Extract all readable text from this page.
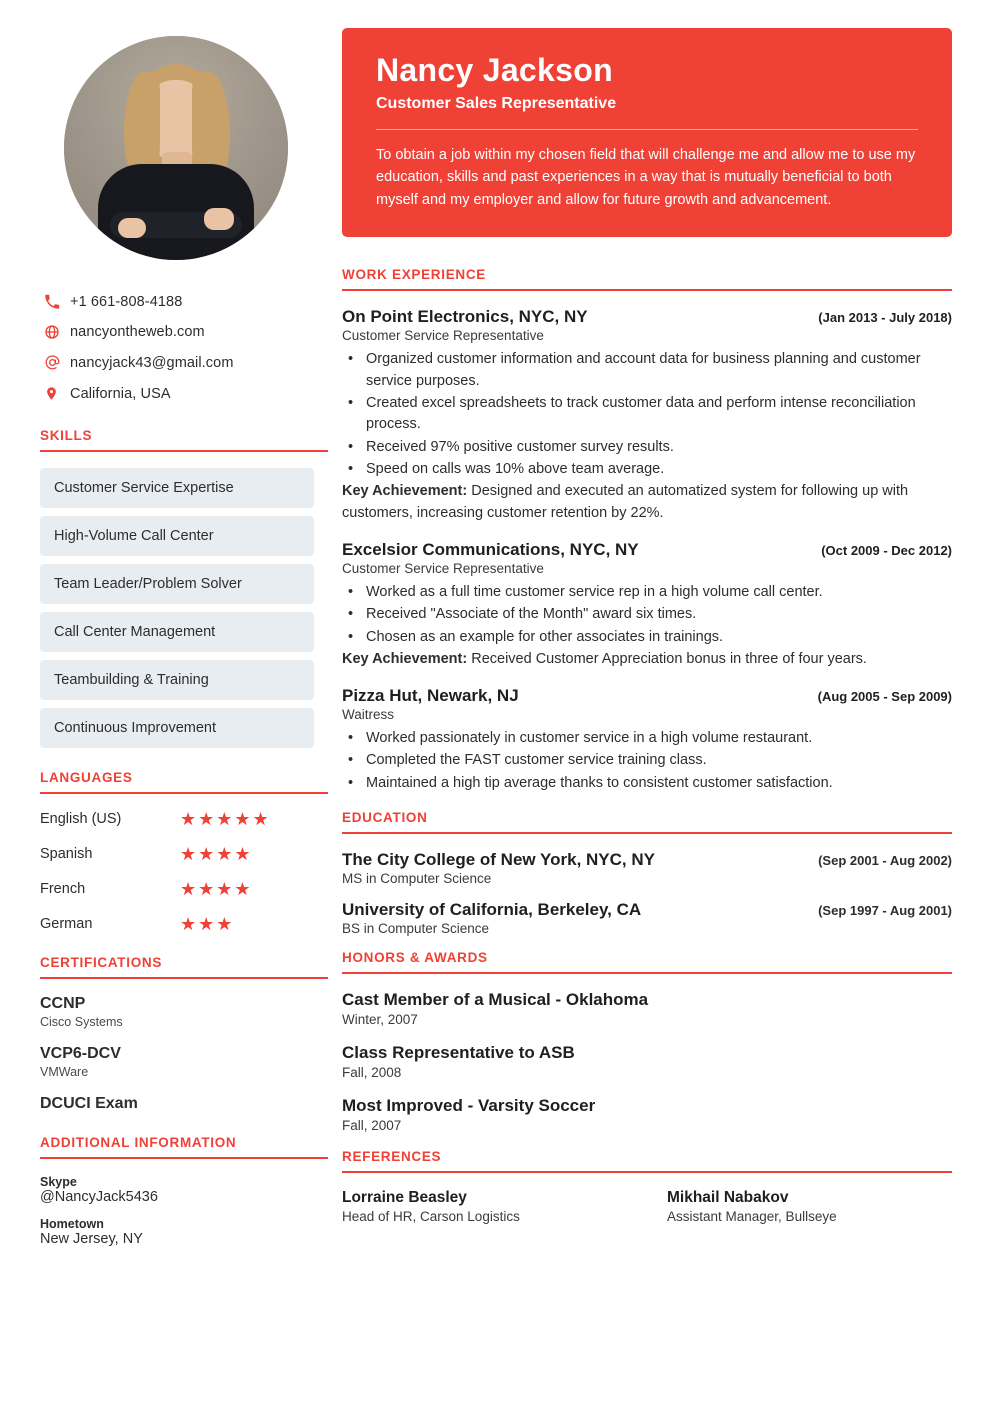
+1 661-808-4188
nancyontheweb.com
nancyjack43@gmail.com
California, USA
SKILLS
Customer Service Expertise
High-Volume Call Center
Team Leader/Problem Solver
Call Center Management
Teambuilding & Training
Continuous Improvement
LANGUAGES
English (US)	★★★★★
Spanish	★★★★
French	★★★★
German	★★★
CERTIFICATIONS
CCNP
Cisco Systems
VCP6-DCV
VMWare
DCUCI Exam
ADDITIONAL INFORMATION
Skype
@NancyJack5436
Hometown
New Jersey, NY
Nancy Jackson
Customer Sales Representative
To obtain a job within my chosen field that will challenge me and allow me to use my education, skills and past experiences in a way that is mutually beneficial to both myself and my employer and allow for future growth and advancement.
WORK EXPERIENCE
On Point Electronics, NYC, NY	(Jan 2013 - July 2018)
Customer Service Representative
• Organized customer information and account data for business planning and customer service purposes.
• Created excel spreadsheets to track customer data and perform intense reconciliation process.
• Received 97% positive customer survey results.
• Speed on calls was 10% above team average.
Key Achievement: Designed and executed an automatized system for following up with customers, increasing customer retention by 22%.
Excelsior Communications, NYC, NY	(Oct 2009 - Dec 2012)
Customer Service Representative
• Worked as a full time customer service rep in a high volume call center.
• Received "Associate of the Month" award six times.
• Chosen as an example for other associates in trainings.
Key Achievement: Received Customer Appreciation bonus in three of four years.
Pizza Hut, Newark, NJ	(Aug 2005 - Sep 2009)
Waitress
• Worked passionately in customer service in a high volume restaurant.
• Completed the FAST customer service training class.
• Maintained a high tip average thanks to consistent customer satisfaction.
EDUCATION
The City College of New York, NYC, NY	(Sep 2001 - Aug 2002)
MS in Computer Science
University of California, Berkeley, CA	(Sep 1997 - Aug 2001)
BS in Computer Science
HONORS & AWARDS
Cast Member of a Musical - Oklahoma
Winter, 2007
Class Representative to ASB
Fall, 2008
Most Improved - Varsity Soccer
Fall, 2007
REFERENCES
Lorraine Beasley
Head of HR, Carson Logistics
Mikhail Nabakov
Assistant Manager, Bullseye
